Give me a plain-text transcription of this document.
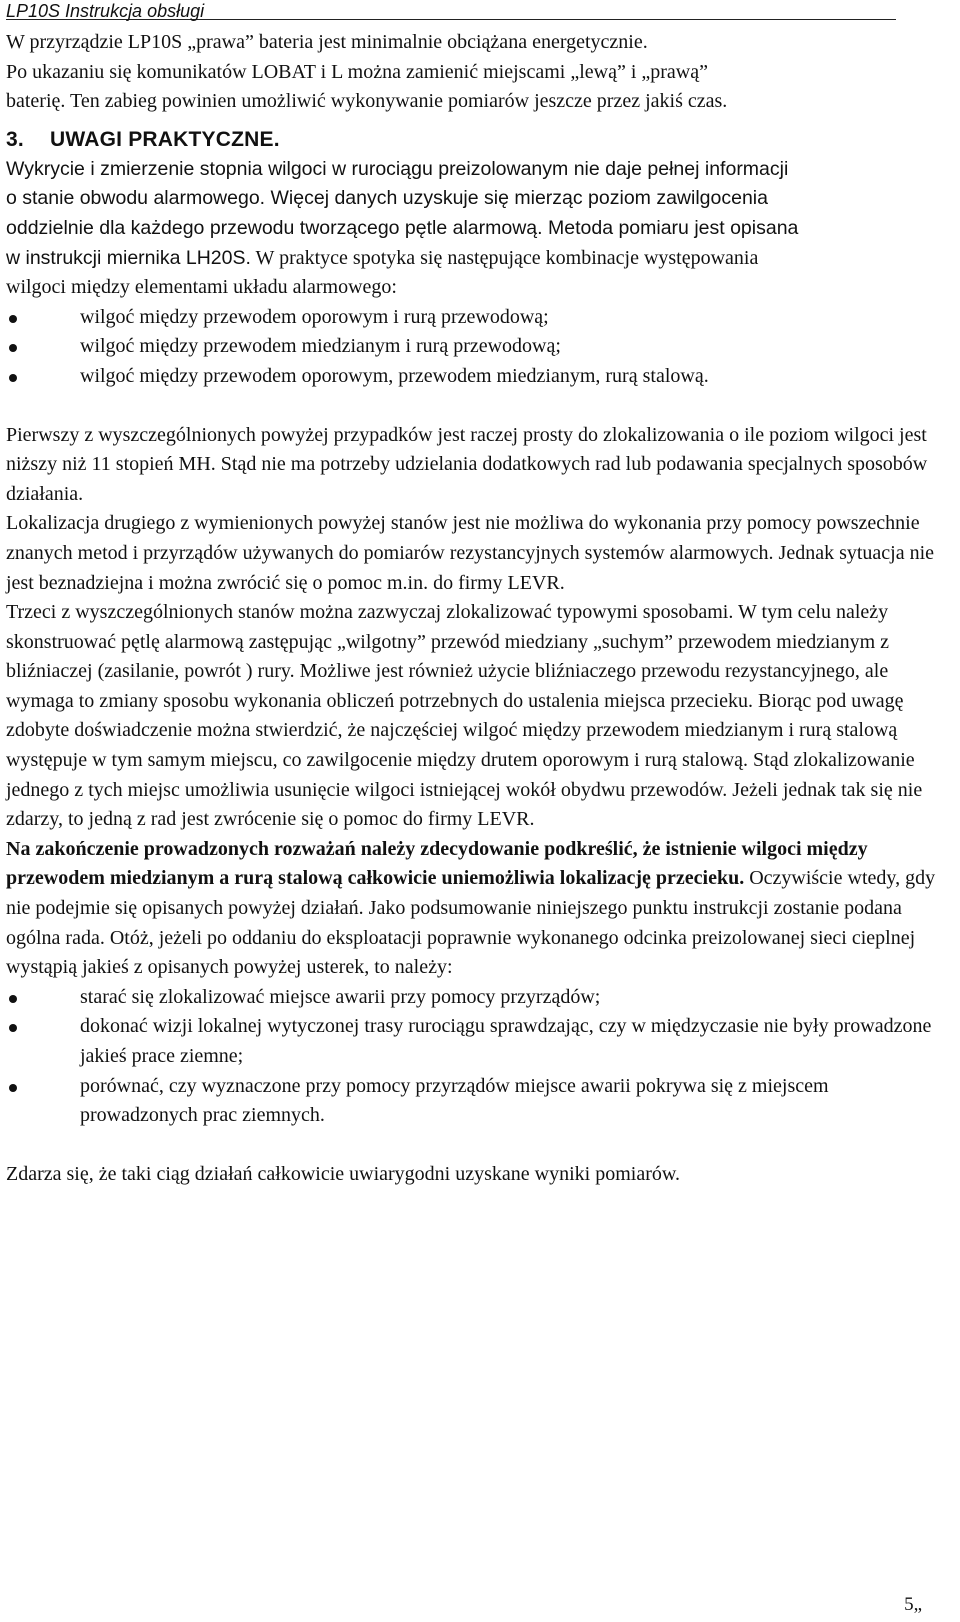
LP10S Instrukcja obsługi

W przyrządzie LP10S „prawa” bateria jest minimalnie obciążana energetycznie.
Po ukazaniu się komunikatów LOBAT i L można zamienić miejscami „lewą” i „prawą”
baterię. Ten zabieg powinien umożliwić wykonywanie pomiarów jeszcze przez jakiś czas.

3. UWAGI PRAKTYCZNE.

Wykrycie i zmierzenie stopnia wilgoci w rurociągu preizolowanym nie daje pełnej informacji
o stanie obwodu alarmowego. Więcej danych uzyskuje się mierząc poziom zawilgocenia
oddzielnie dla każdego przewodu tworzącego pętle alarmową. Metoda pomiaru jest opisana
w instrukcji miernika LH20S. W praktyce spotyka się następujące kombinacje występowania
wilgoci między elementami układu alarmowego:

wilgoć między przewodem oporowym i rurą przewodową;
wilgoć między przewodem miedzianym i rurą przewodową;
wilgoć między przewodem oporowym, przewodem miedzianym, rurą stalową.

Pierwszy z wyszczególnionych powyżej przypadków jest raczej prosty do zlokalizowania o ile poziom wilgoci jest niższy niż 11 stopień MH. Stąd nie ma potrzeby udzielania dodatkowych rad lub podawania specjalnych sposobów działania.

Lokalizacja drugiego z wymienionych powyżej stanów jest nie możliwa do wykonania przy pomocy powszechnie znanych metod i przyrządów używanych do pomiarów rezystancyjnych systemów alarmowych. Jednak sytuacja nie jest beznadziejna i można zwrócić się o pomoc m.in. do firmy LEVR.

Trzeci z wyszczególnionych stanów można zazwyczaj zlokalizować typowymi sposobami. W tym celu należy skonstruować pętlę alarmową zastępując „wilgotny” przewód miedziany „suchym” przewodem miedzianym z bliźniaczej (zasilanie, powrót ) rury. Możliwe jest również użycie bliźniaczego przewodu rezystancyjnego, ale wymaga to zmiany sposobu wykonania obliczeń potrzebnych do ustalenia miejsca przecieku. Biorąc pod uwagę zdobyte doświadczenie można stwierdzić, że najczęściej wilgoć między przewodem miedzianym i rurą stalową występuje w tym samym miejscu, co zawilgocenie między drutem oporowym i rurą stalową. Stąd zlokalizowanie jednego z tych miejsc umożliwia usunięcie wilgoci istniejącej wokół obydwu przewodów. Jeżeli jednak tak się nie zdarzy, to jedną z rad jest zwrócenie się o pomoc do firmy LEVR.

Na zakończenie prowadzonych rozważań należy zdecydowanie podkreślić, że istnienie wilgoci między przewodem miedzianym a rurą stalową całkowicie uniemożliwia lokalizację przecieku. Oczywiście wtedy, gdy nie podejmie się opisanych powyżej działań. Jako podsumowanie niniejszego punktu instrukcji zostanie podana ogólna rada. Otóż, jeżeli po oddaniu do eksploatacji poprawnie wykonanego odcinka preizolowanej sieci cieplnej wystąpią jakieś z opisanych powyżej usterek, to należy:

starać się zlokalizować miejsce awarii przy pomocy przyrządów;
dokonać wizji lokalnej wytyczonej trasy rurociągu sprawdzając, czy w międzyczasie nie były prowadzone jakieś prace ziemne;
porównać, czy wyznaczone przy pomocy przyrządów miejsce awarii pokrywa się z miejscem prowadzonych prac ziemnych.

Zdarza się, że taki ciąg działań całkowicie uwiarygodni uzyskane wyniki pomiarów.

5„
